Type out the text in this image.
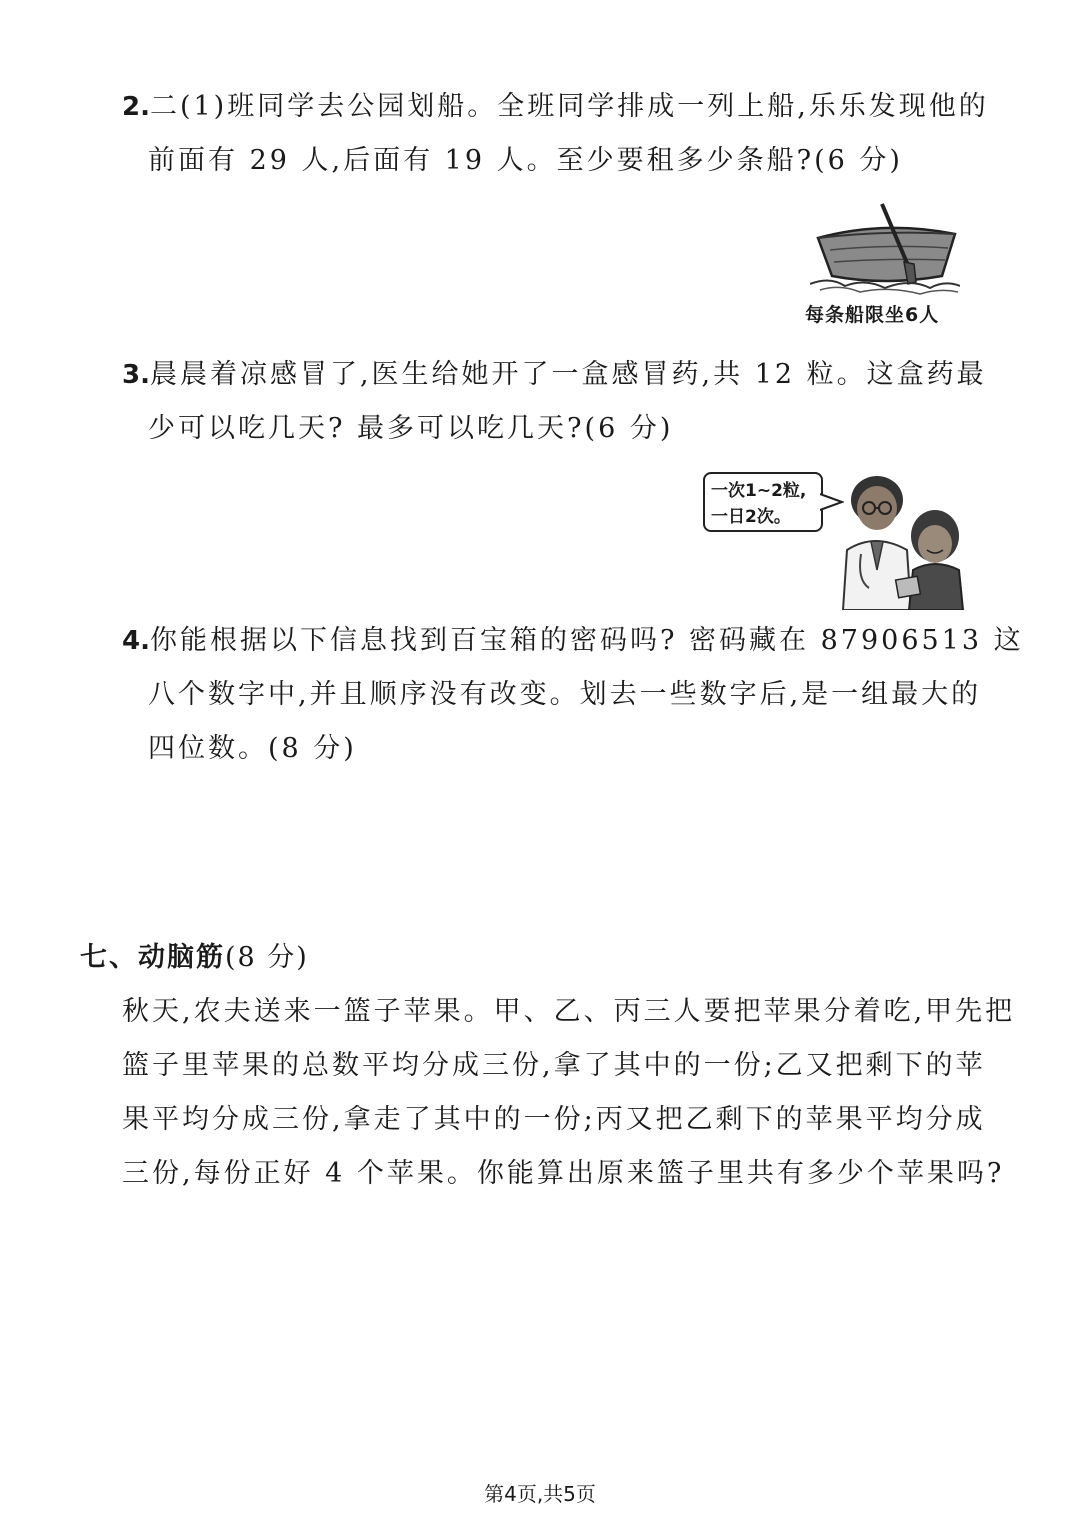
2.二(1)班同学去公园划船。全班同学排成一列上船,乐乐发现他的
前面有 29 人,后面有 19 人。至少要租多少条船?(6 分)
每条船限坐6人
3.晨晨着凉感冒了,医生给她开了一盒感冒药,共 12 粒。这盒药最
少可以吃几天? 最多可以吃几天?(6 分)
一次1~2粒,
一日2次。
4.你能根据以下信息找到百宝箱的密码吗? 密码藏在 87906513 这
八个数字中,并且顺序没有改变。划去一些数字后,是一组最大的
四位数。(8 分)
七、动脑筋(8 分)
秋天,农夫送来一篮子苹果。甲、乙、丙三人要把苹果分着吃,甲先把
篮子里苹果的总数平均分成三份,拿了其中的一份;乙又把剩下的苹
果平均分成三份,拿走了其中的一份;丙又把乙剩下的苹果平均分成
三份,每份正好 4 个苹果。你能算出原来篮子里共有多少个苹果吗?
第4页,共5页
